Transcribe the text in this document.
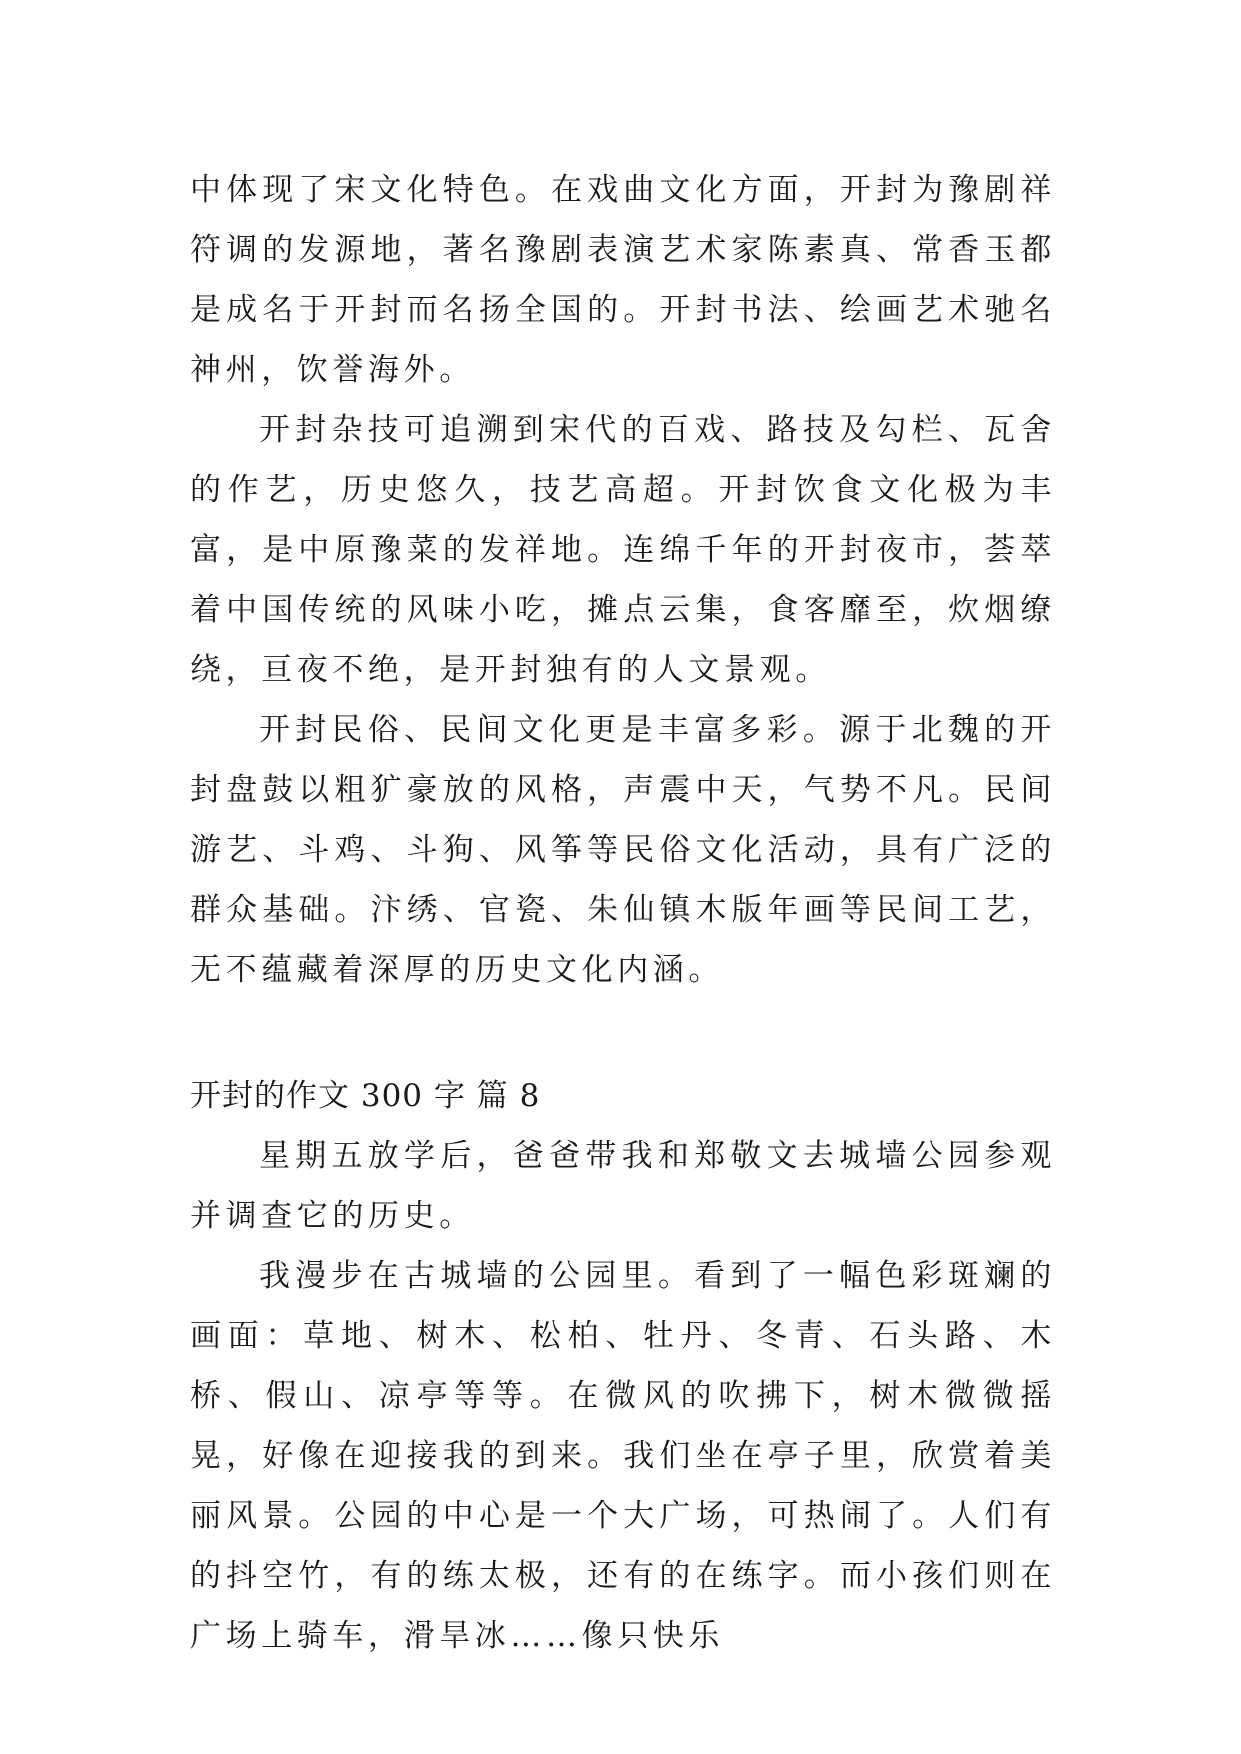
中体现了宋文化特色。在戏曲文化方面，开封为豫剧祥符调的发源地，著名豫剧表演艺术家陈素真、常香玉都是成名于开封而名扬全国的。开封书法、绘画艺术驰名神州，饮誉海外。

开封杂技可追溯到宋代的百戏、路技及勾栏、瓦舍的作艺，历史悠久，技艺高超。开封饮食文化极为丰富，是中原豫菜的发祥地。连绵千年的开封夜市，荟萃着中国传统的风味小吃，摊点云集，食客靡至，炊烟缭绕，亘夜不绝，是开封独有的人文景观。

开封民俗、民间文化更是丰富多彩。源于北魏的开封盘鼓以粗犷豪放的风格，声震中天，气势不凡。民间游艺、斗鸡、斗狗、风筝等民俗文化活动，具有广泛的群众基础。汴绣、官瓷、朱仙镇木版年画等民间工艺，无不蕴藏着深厚的历史文化内涵。

开封的作文 300 字 篇 8

星期五放学后，爸爸带我和郑敬文去城墙公园参观并调查它的历史。

我漫步在古城墙的公园里。看到了一幅色彩斑斓的画面：草地、树木、松柏、牡丹、冬青、石头路、木桥、假山、凉亭等等。在微风的吹拂下，树木微微摇晃，好像在迎接我的到来。我们坐在亭子里，欣赏着美丽风景。公园的中心是一个大广场，可热闹了。人们有的抖空竹，有的练太极，还有的在练字。而小孩们则在广场上骑车，滑旱冰……像只快乐
